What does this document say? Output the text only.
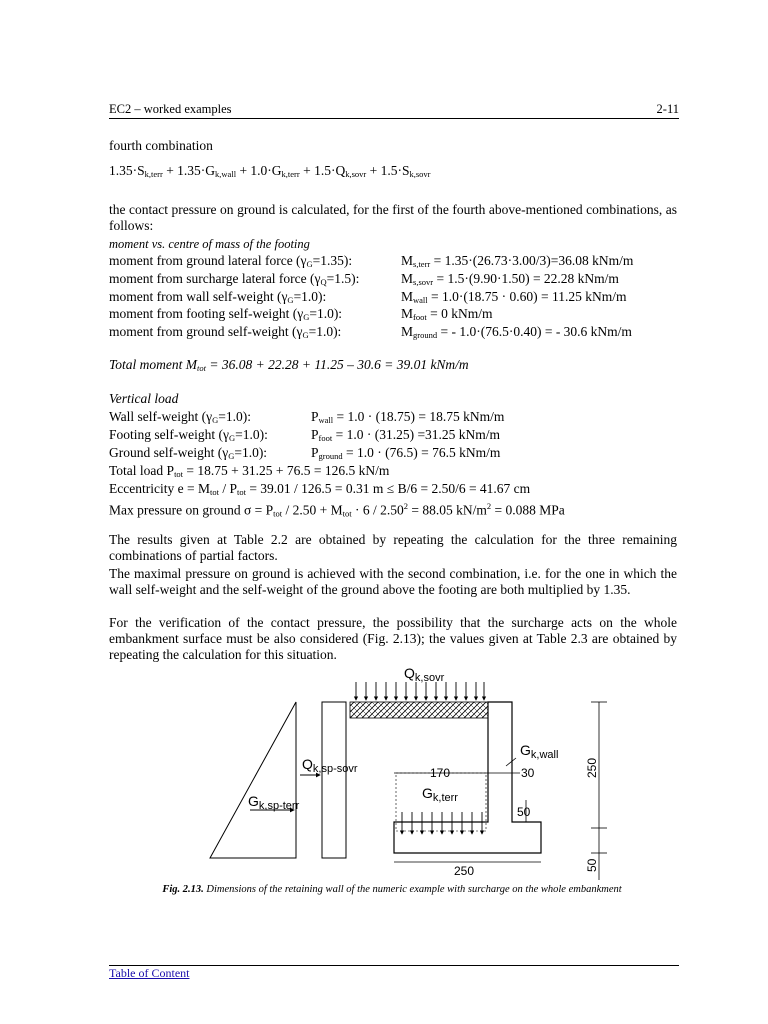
EC2 – worked examples	2-11
fourth combination
$1.35\cdot S_{k,terr} + 1.35\cdot G_{k,wall} + 1.0\cdot G_{k,terr} + 1.5\cdot Q_{k,sovr} + 1.5\cdot S_{k,sovr}$
the contact pressure on ground is calculated, for the first of the fourth above-mentioned combinations, as follows:
moment vs. centre of mass of the footing
moment from ground lateral force $(\gamma_G=1.35)$:	$M_{s,terr} = 1.35\cdot(26.73\cdot 3.00/3)=36.08$ kNm/m
moment from surcharge lateral force $(\gamma_Q=1.5)$:	$M_{s,sovr} = 1.5\cdot(9.90\cdot 1.50) = 22.28$ kNm/m
moment from wall self-weight $(\gamma_G=1.0)$:	$M_{wall} = 1.0\cdot(18.75 \cdot 0.60) = 11.25$ kNm/m
moment from footing self-weight $(\gamma_G=1.0)$:	$M_{foot} = 0$ kNm/m
moment from ground self-weight $(\gamma_G=1.0)$:	$M_{ground}$ = - 1.0·(76.5·0.40) = - 30.6 kNm/m
Total moment $M_{tot} = 36.08 + 22.28 + 11.25 - 30.6 = 39.01$ kNm/m
Vertical load
Wall self-weight $(\gamma_G=1.0)$:	$P_{wall} = 1.0 \cdot (18.75) = 18.75$ kNm/m
Footing self-weight $(\gamma_G=1.0)$:	$P_{foot} = 1.0 \cdot (31.25) =31.25$ kNm/m
Ground self-weight $(\gamma_G=1.0)$:	$P_{ground} = 1.0 \cdot (76.5) = 76.5$ kNm/m
Total load $P_{tot} = 18.75 + 31.25 + 76.5 = 126.5$ kN/m
Eccentricity $e = M_{tot} / P_{tot} = 39.01 / 126.5 = 0.31$ m ≤ B/6 = 2.50/6 = 41.67 cm
Max pressure on ground $\sigma = P_{tot} / 2.50 + M_{tot} \cdot 6 / 2.50^2 = 88.05$ $kN/m^2 = 0.088$ MPa
The results given at Table 2.2 are obtained by repeating the calculation for the three remaining combinations of partial factors.
The maximal pressure on ground is achieved with the second combination, i.e. for the one in which the wall self-weight and the self-weight of the ground above the footing are both multiplied by 1.35.
For the verification of the contact pressure, the possibility that the surcharge acts on the whole embankment surface must be also considered (Fig. 2.13); the values given at Table 2.3 are obtained by repeating the calculation for this situation.
$Q_{k,sovr}$
$Q_{k,sp-sovr}$
$G_{k,sp-terr}$
$G_{k,wall}$
$G_{k,terr}$
170	30
50
250
250
50
Fig. 2.13. Dimensions of the retaining wall of the numeric example with surcharge on the whole embankment
Table of Content
